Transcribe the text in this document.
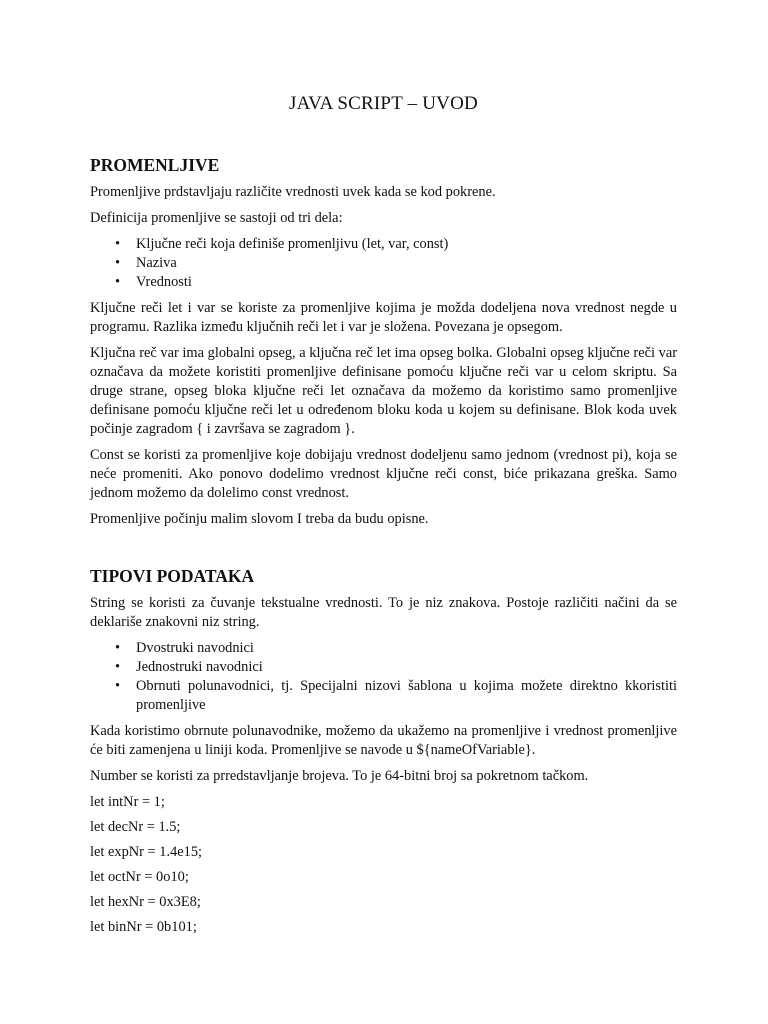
JAVA SCRIPT – UVOD
PROMENLJIVE

Promenljive prdstavljaju različite vrednosti uvek kada se kod pokrene.

Definicija promenljive se sastoji od tri dela:

• Ključne reči koja definiše promenljivu (let, var, const)
• Naziva
• Vrednosti

Ključne reči let i var se koriste za promenljive kojima je možda dodeljena nova vrednost negde u programu. Razlika između ključnih reči let i var je složena. Povezana je opsegom.

Ključna reč var ima globalni opseg, a ključna reč let ima opseg bolka. Globalni opseg ključne reči var označava da možete koristiti promenljive definisane pomoću ključne reči var u celom skriptu. Sa druge strane, opseg bloka ključne reči let označava da možemo da koristimo samo promenljive definisane pomoću ključne reči let u određenom bloku koda u kojem su definisane. Blok koda uvek počinje zagradom { i završava se zagradom }.

Const se koristi za promenljive koje dobijaju vrednost dodeljenu samo jednom (vrednost pi), koja se neće promeniti. Ako ponovo dodelimo vrednost ključne reči const, biće prikazana greška. Samo jednom možemo da dolelimo const vrednost.

Promenljive počinju malim slovom I treba da budu opisne.

TIPOVI PODATAKA

String se koristi za čuvanje tekstualne vrednosti. To je niz znakova. Postoje različiti načini da se deklariše znakovni niz string.

• Dvostruki navodnici
• Jednostruki navodnici
• Obrnuti polunavodnici, tj. Specijalni nizovi šablona u kojima možete direktno kkoristiti promenljive

Kada koristimo obrnute polunavodnike, možemo da ukažemo na promenljive i vrednost promenljive će biti zamenjena u liniji koda. Promenljive se navode u ${nameOfVariable}.

Number se koristi za prredstavljanje brojeva. To je 64-bitni broj sa pokretnom tačkom.

let intNr = 1;

let decNr = 1.5;

let expNr = 1.4e15;

let octNr = 0o10;

let hexNr = 0x3E8;

let binNr = 0b101;
